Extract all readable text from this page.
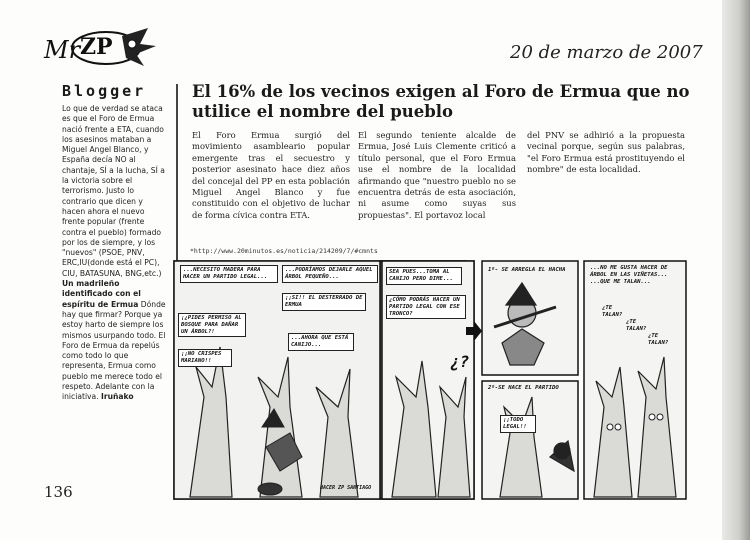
Mr ZP	20 de marzo de 2007
Blogger

Lo que de verdad se ataca es que el Foro de Ermua nació frente a ETA, cuando los asesinos mataban a Miguel Angel Blanco, y España decía NO al chantaje, SÍ a la lucha, SÍ a la victoria sobre el terrorismo. Justo lo contrario que dicen y hacen ahora el nuevo frente popular (frente contra el pueblo) formado por los de siempre, y los "nuevos" (PSOE, PNV, ERC,IU(donde está el PC), CIU, BATASUNA, BNG,etc.) Un madrileño identificado con el espíritu de Ermua Dónde hay que firmar? Porque ya estoy harto de siempre los mismos usurpando todo. El Foro de Ermua da repelús como todo lo que representa, Ermua como pueblo me merece todo el respeto. Adelante con la iniciativa. Iruñako

El 16% de los vecinos exigen al Foro de Ermua que no utilice el nombre del pueblo

El Foro Ermua surgió del movimiento asambleario popular emergente tras el secuestro y posterior asesinato hace diez años del concejal del PP en esta población Miguel Angel Blanco y fue constituido con el objetivo de luchar de forma cívica contra ETA.

El segundo teniente alcalde de Ermua, José Luis Clemente criticó a título personal, que el Foro Ermua use el nombre de la localidad afirmando que "nuestro pueblo no se encuentra detrás de esta asociación, ni asume como suyas sus propuestas". El portavoz local

del PNV se adhirió a la propuesta vecinal porque, según sus palabras, "el Foro Ermua está prostituyendo el nombre" de esta localidad.

*http://www.20minutos.es/noticia/214209/7/#cmnts
...NECESITO MADERA PARA HACER UN PARTIDO LEGAL...
¡¿PIDES PERMISO AL BOSQUE PARA DAÑAR UN ÁRBOL?!
¡¡NO CRISPES MARIANO!!
...PODRÍAMOS DEJARLE AQUEL ÁRBOL PEQUEÑO...
¡¡SI!! EL DESTERRADO DE ERMUA
...AHORA QUE ESTÁ CANIJO...
SEA PUES...TOMA AL CANIJO PERO DIME...
¿CÓMO PODRÁS HACER UN PARTIDO LEGAL CON ESE TRONCO?
¿?
1º- SE ARREGLA EL HACHA
2º-SE HACE EL PARTIDO
¡¡TODO LEGAL!!
...NO ME GUSTA HACER DE ÁRBOL EN LAS VIÑETAS... ...QUE ME TALAN...
¿TE TALAN?
¿TE TALAN?
¿TE TALAN?
HACER ZP SANTIAGO
136
